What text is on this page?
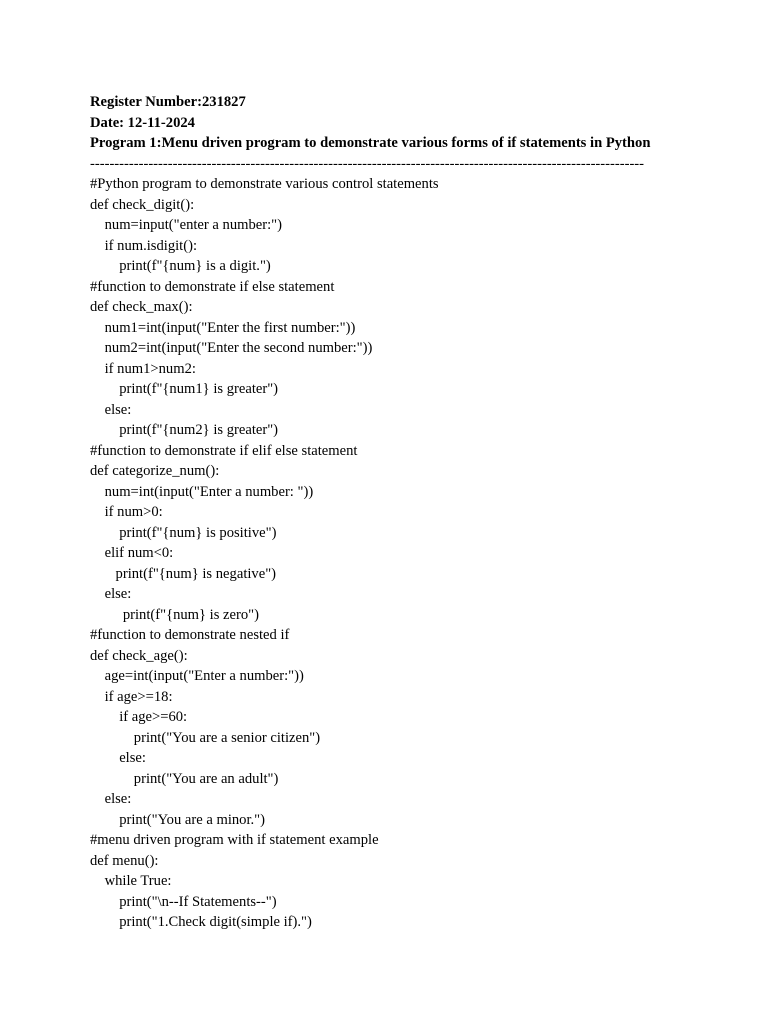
Register Number:231827
Date: 12-11-2024
Program 1:Menu driven program to demonstrate various forms of if statements in Python
------------------------------------------------------------------------------------------------------------------
#Python program to demonstrate various control statements
def check_digit():
num=input("enter a number:")
if num.isdigit():
print(f"{num} is a digit.")
#function to demonstrate if else statement
def check_max():
num1=int(input("Enter the first number:"))
num2=int(input("Enter the second number:"))
if num1>num2:
print(f"{num1} is greater")
else:
print(f"{num2} is greater")
#function to demonstrate if elif else statement
def categorize_num():
num=int(input("Enter a number: "))
if num>0:
print(f"{num} is positive")
elif num<0:
print(f"{num} is negative")
else:
print(f"{num} is zero")
#function to demonstrate nested if
def check_age():
age=int(input("Enter a number:"))
if age>=18:
if age>=60:
print("You are a senior citizen")
else:
print("You are an adult")
else:
print("You are a minor.")
#menu driven program with if statement example
def menu():
while True:
print("\n--If Statements--")
print("1.Check digit(simple if).")
